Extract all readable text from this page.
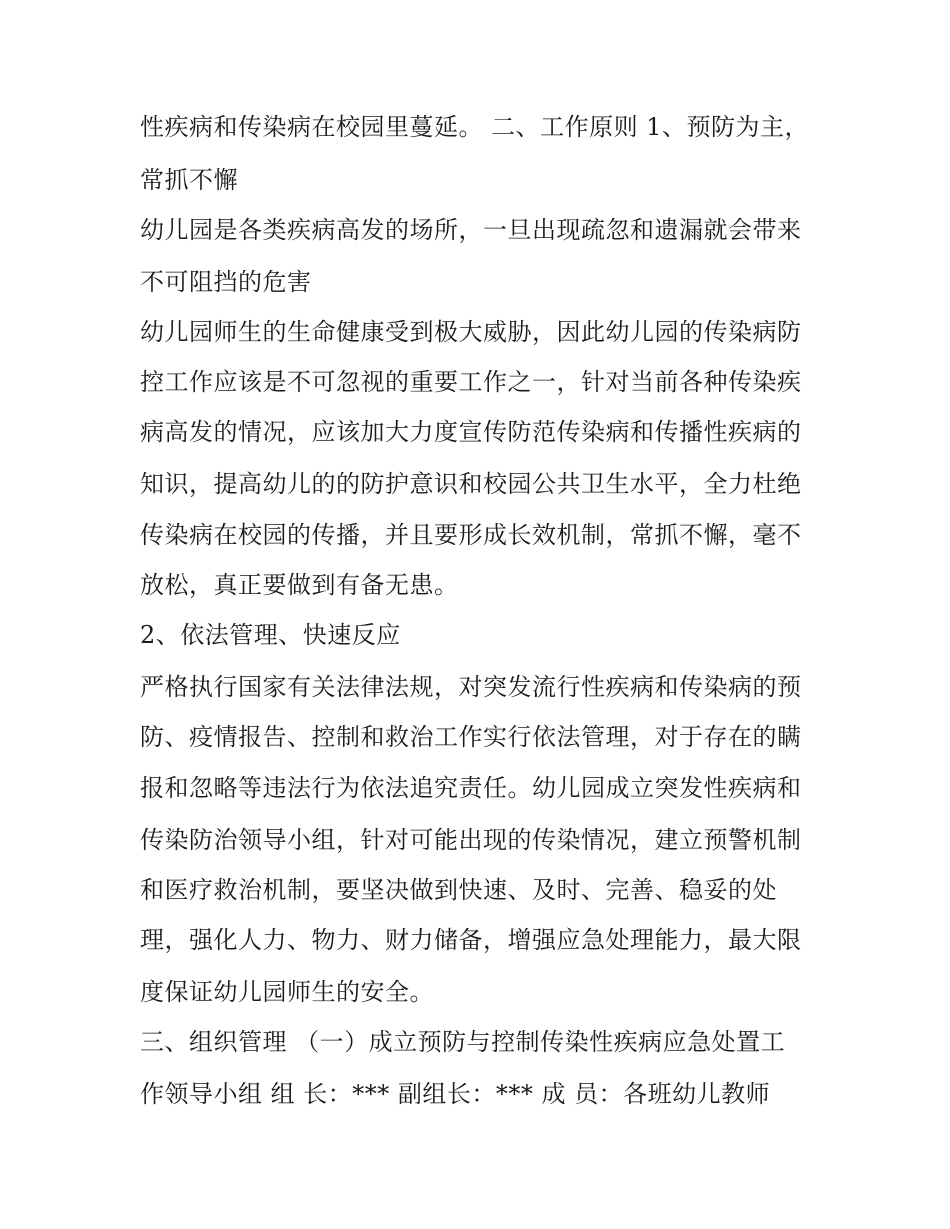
性疾病和传染病在校园里蔓延。 二、工作原则 1、预防为主，
常抓不懈
幼儿园是各类疾病高发的场所，一旦出现疏忽和遗漏就会带来
不可阻挡的危害
幼儿园师生的生命健康受到极大威胁，因此幼儿园的传染病防
控工作应该是不可忽视的重要工作之一，针对当前各种传染疾
病高发的情况，应该加大力度宣传防范传染病和传播性疾病的
知识，提高幼儿的的防护意识和校园公共卫生水平，全力杜绝
传染病在校园的传播，并且要形成长效机制，常抓不懈，毫不
放松，真正要做到有备无患。
2、依法管理、快速反应
严格执行国家有关法律法规，对突发流行性疾病和传染病的预
防、疫情报告、控制和救治工作实行依法管理，对于存在的瞒
报和忽略等违法行为依法追究责任。幼儿园成立突发性疾病和
传染防治领导小组，针对可能出现的传染情况，建立预警机制
和医疗救治机制，要坚决做到快速、及时、完善、稳妥的处
理，强化人力、物力、财力储备，增强应急处理能力，最大限
度保证幼儿园师生的安全。
三、组织管理 （一）成立预防与控制传染性疾病应急处置工
作领导小组 组 长：*** 副组长：*** 成 员：各班幼儿教师
